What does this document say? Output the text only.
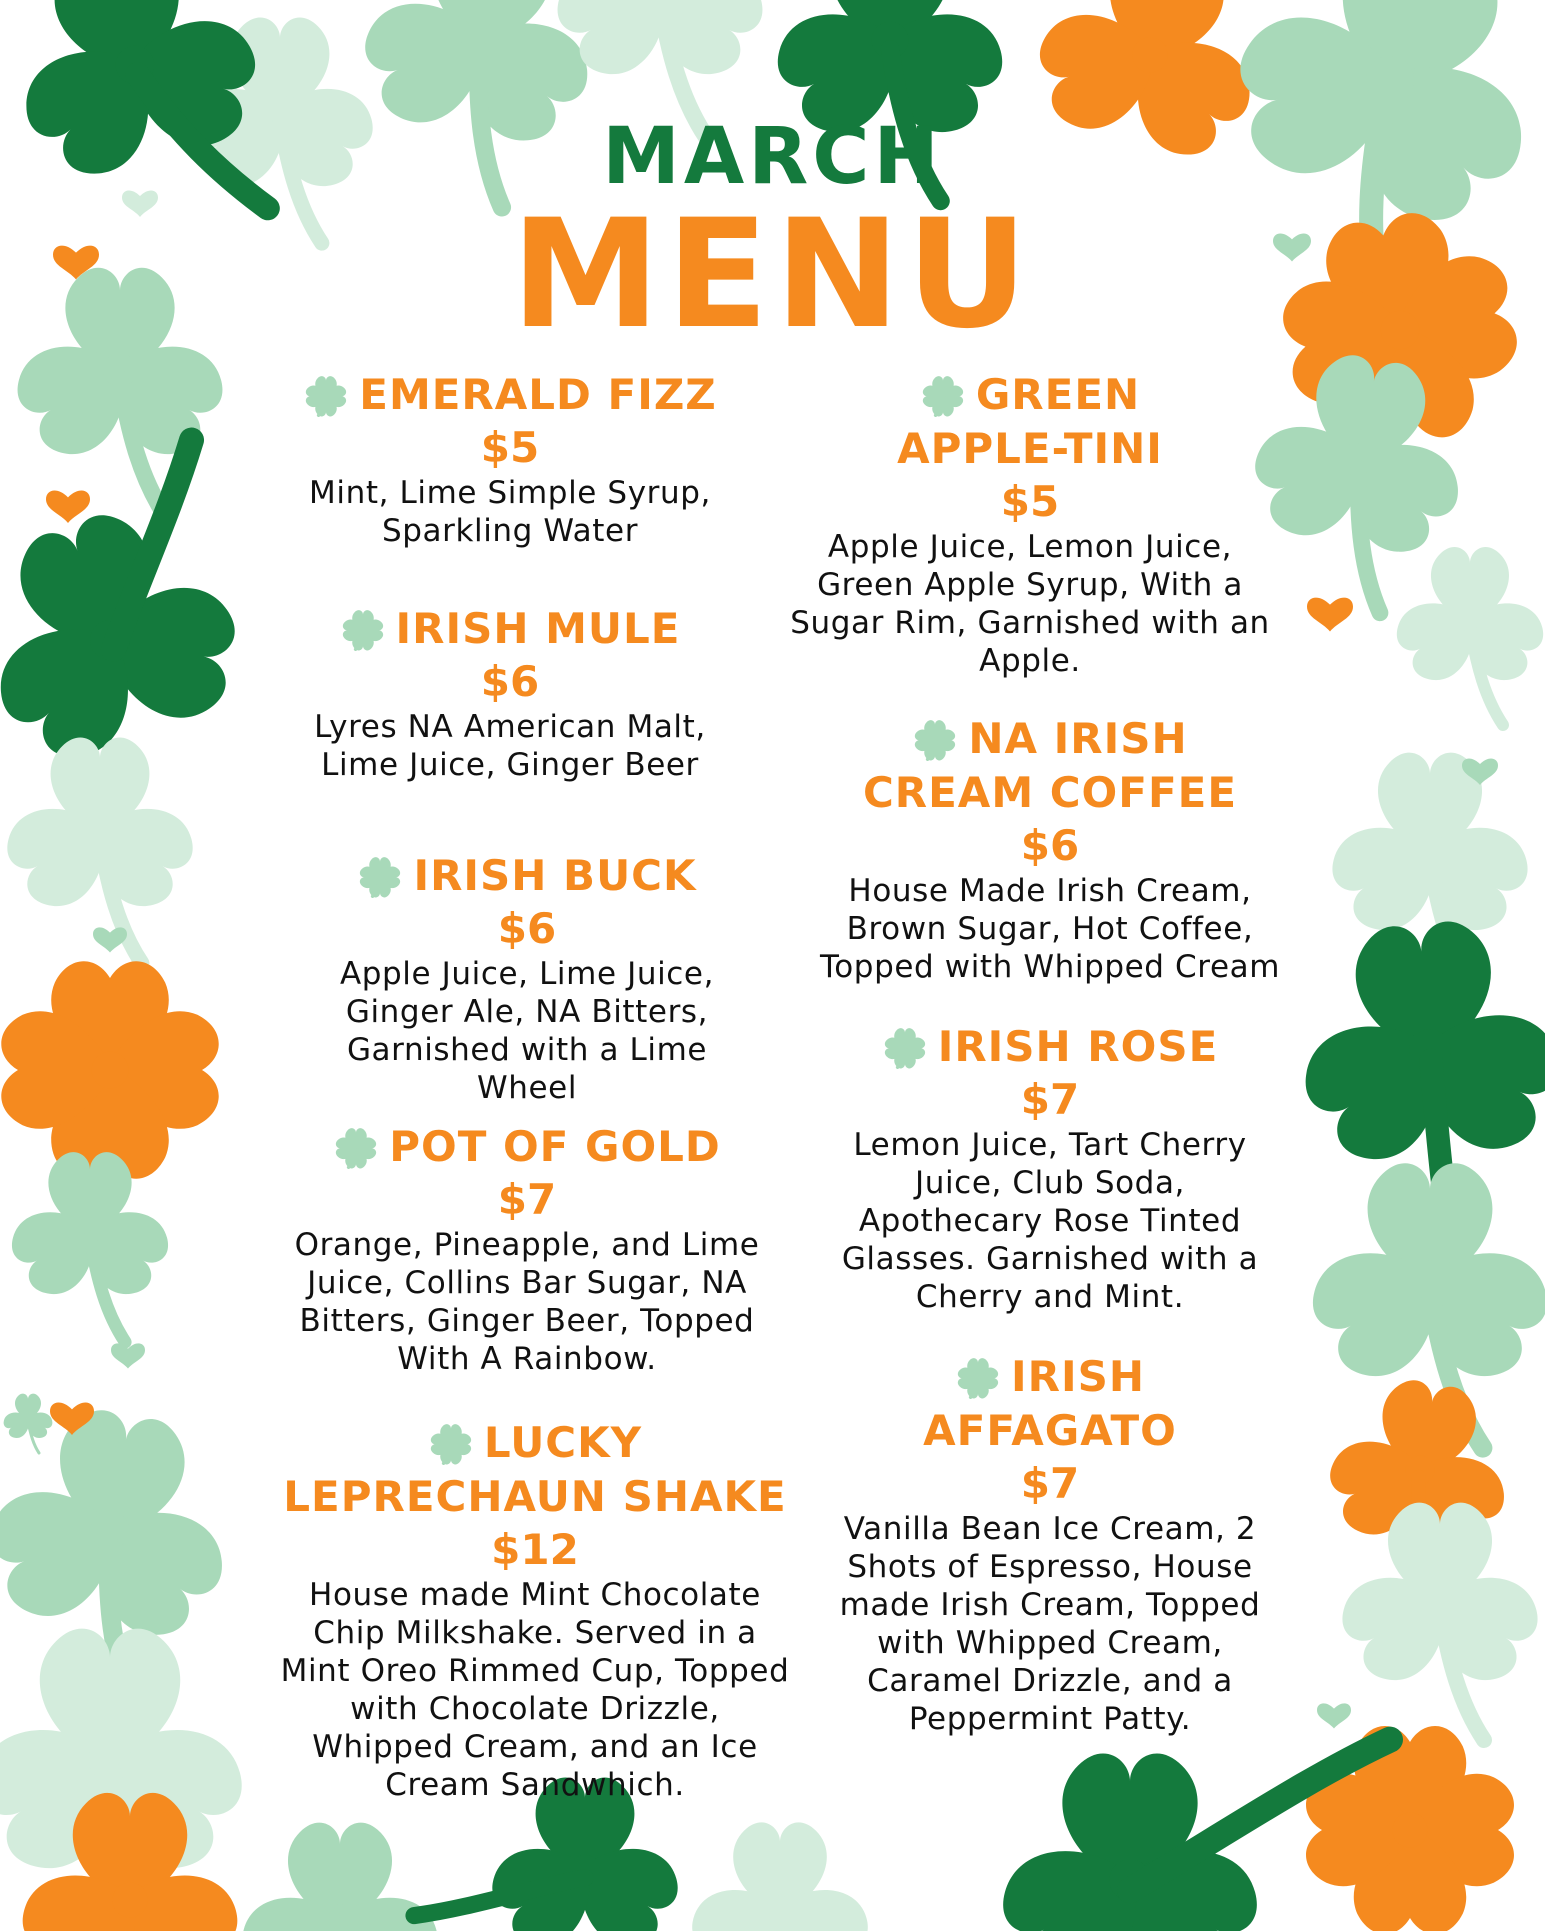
MARCH
MENU
EMERALD FIZZ
$5
Mint, Lime Simple Syrup, Sparkling Water
IRISH MULE
$6
Lyres NA American Malt, Lime Juice, Ginger Beer
IRISH BUCK
$6
Apple Juice, Lime Juice, Ginger Ale, NA Bitters, Garnished with a Lime Wheel
POT OF GOLD
$7
Orange, Pineapple, and Lime Juice, Collins Bar Sugar, NA Bitters, Ginger Beer, Topped With A Rainbow.
LUCKY
LEPRECHAUN SHAKE
$12
House made Mint Chocolate Chip Milkshake. Served in a Mint Oreo Rimmed Cup, Topped with Chocolate Drizzle, Whipped Cream, and an Ice Cream Sandwhich.
GREEN
APPLE-TINI
$5
Apple Juice, Lemon Juice, Green Apple Syrup, With a Sugar Rim, Garnished with an Apple.
NA IRISH
CREAM COFFEE
$6
House Made Irish Cream, Brown Sugar, Hot Coffee, Topped with Whipped Cream
IRISH ROSE
$7
Lemon Juice, Tart Cherry Juice, Club Soda, Apothecary Rose Tinted Glasses. Garnished with a Cherry and Mint.
IRISH
AFFAGATO
$7
Vanilla Bean Ice Cream, 2 Shots of Espresso, House made Irish Cream, Topped with Whipped Cream, Caramel Drizzle, and a Peppermint Patty.
